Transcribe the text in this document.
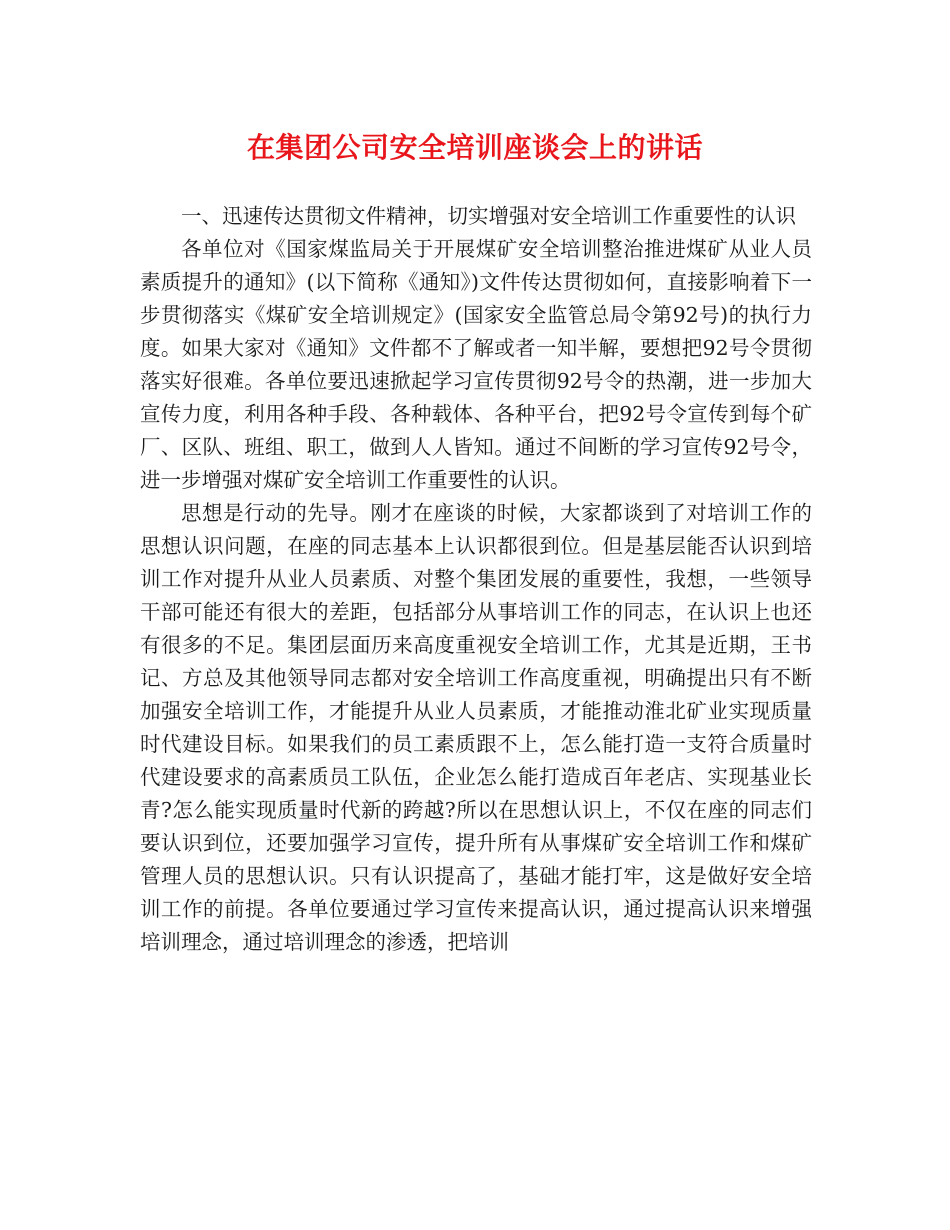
在集团公司安全培训座谈会上的讲话

一、迅速传达贯彻文件精神，切实增强对安全培训工作重要性的认识

各单位对《国家煤监局关于开展煤矿安全培训整治推进煤矿从业人员素质提升的通知》(以下简称《通知》)文件传达贯彻如何，直接影响着下一步贯彻落实《煤矿安全培训规定》(国家安全监管总局令第92号)的执行力度。如果大家对《通知》文件都不了解或者一知半解，要想把92号令贯彻落实好很难。各单位要迅速掀起学习宣传贯彻92号令的热潮，进一步加大宣传力度，利用各种手段、各种载体、各种平台，把92号令宣传到每个矿厂、区队、班组、职工，做到人人皆知。通过不间断的学习宣传92号令，进一步增强对煤矿安全培训工作重要性的认识。

思想是行动的先导。刚才在座谈的时候，大家都谈到了对培训工作的思想认识问题，在座的同志基本上认识都很到位。但是基层能否认识到培训工作对提升从业人员素质、对整个集团发展的重要性，我想，一些领导干部可能还有很大的差距，包括部分从事培训工作的同志，在认识上也还有很多的不足。集团层面历来高度重视安全培训工作，尤其是近期，王书记、方总及其他领导同志都对安全培训工作高度重视，明确提出只有不断加强安全培训工作，才能提升从业人员素质，才能推动淮北矿业实现质量时代建设目标。如果我们的员工素质跟不上，怎么能打造一支符合质量时代建设要求的高素质员工队伍，企业怎么能打造成百年老店、实现基业长青?怎么能实现质量时代新的跨越?所以在思想认识上，不仅在座的同志们要认识到位，还要加强学习宣传，提升所有从事煤矿安全培训工作和煤矿管理人员的思想认识。只有认识提高了，基础才能打牢，这是做好安全培训工作的前提。各单位要通过学习宣传来提高认识，通过提高认识来增强培训理念，通过培训理念的渗透，把培训
